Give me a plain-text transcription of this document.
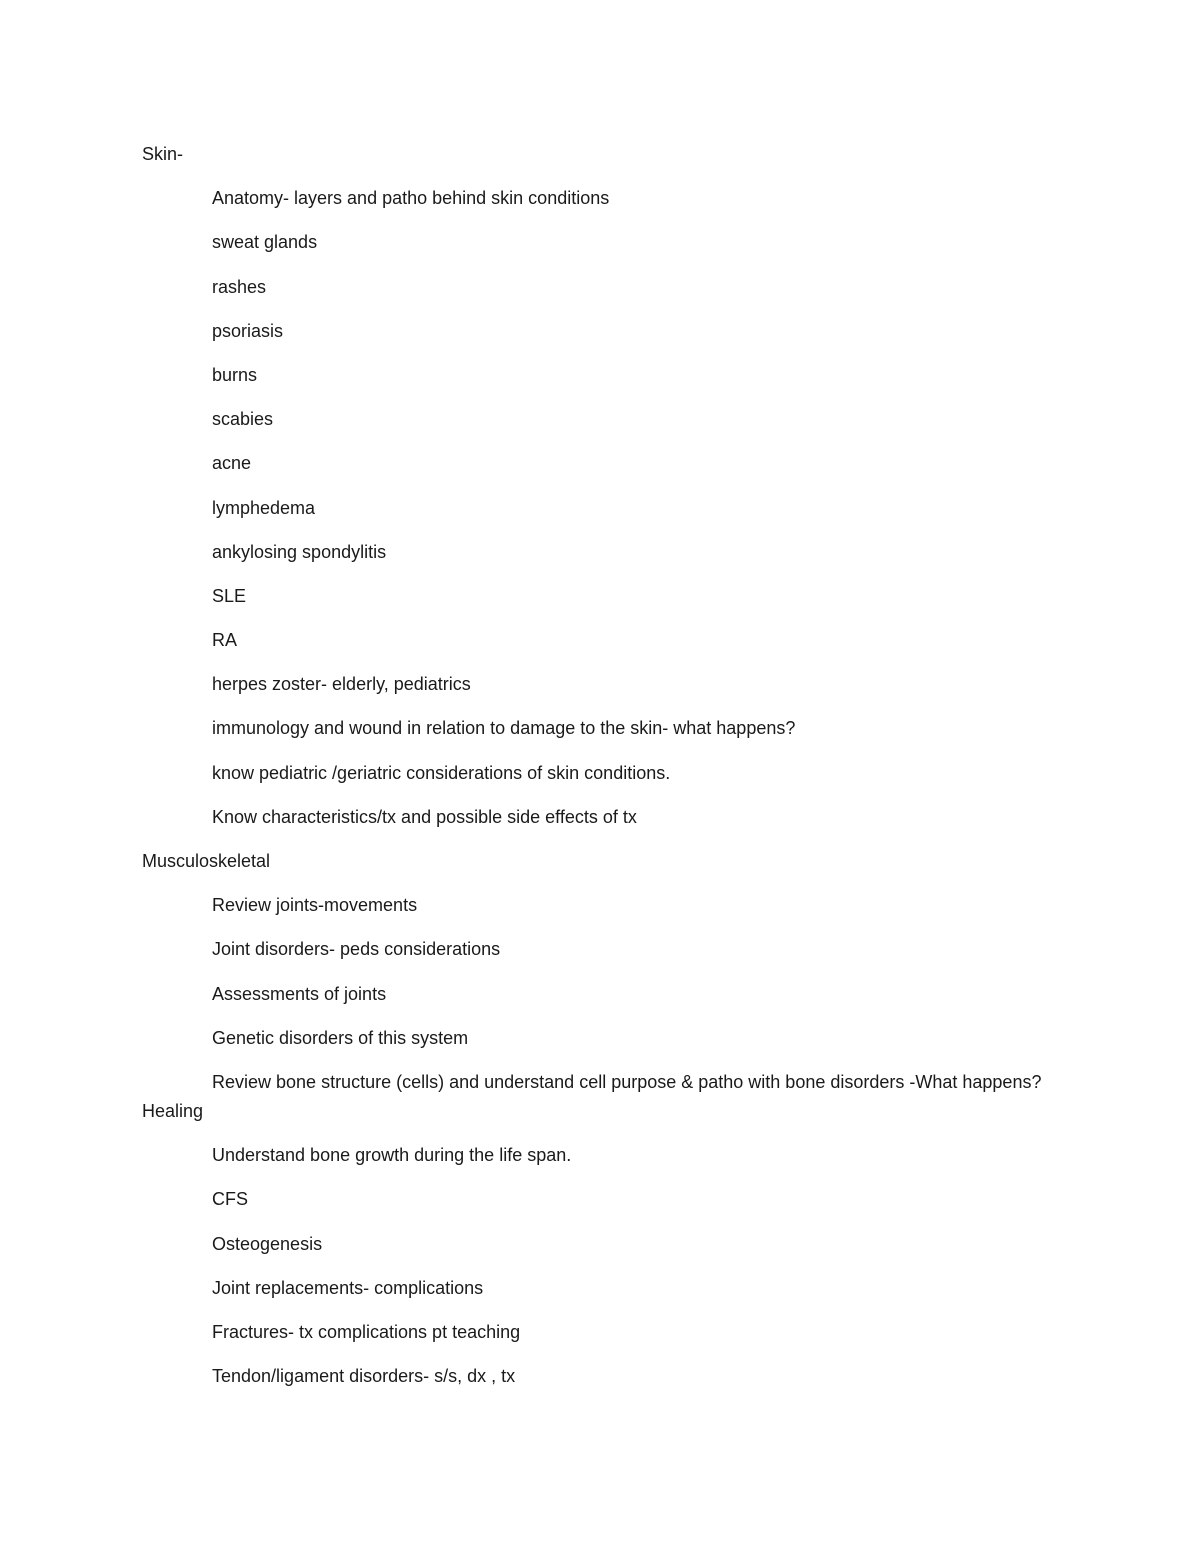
Skin-
Anatomy- layers and patho behind skin conditions
sweat glands
rashes
psoriasis
burns
scabies
acne
lymphedema
ankylosing spondylitis
SLE
RA
herpes zoster- elderly, pediatrics
immunology and wound in relation to damage to the skin- what happens?
know pediatric /geriatric considerations of skin conditions.
Know characteristics/tx and possible side effects of tx
Musculoskeletal
Review joints-movements
Joint disorders- peds considerations
Assessments of joints
Genetic disorders of this system
Review bone structure (cells) and understand cell purpose & patho with bone disorders -What happens? Healing
Understand bone growth during the life span.
CFS
Osteogenesis
Joint replacements- complications
Fractures- tx complications pt teaching
Tendon/ligament disorders- s/s, dx , tx
